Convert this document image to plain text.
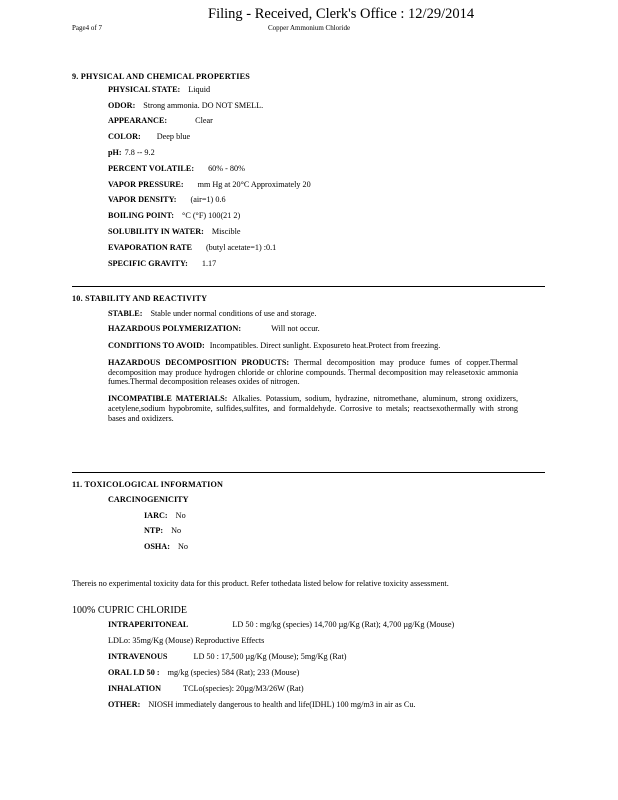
Filing - Received, Clerk's Office : 12/29/2014
Page4 of 7	Copper Ammonium Chloride
9. PHYSICAL AND CHEMICAL PROPERTIES
PHYSICAL STATE: Liquid
ODOR: Strong ammonia. DO NOT SMELL.
APPEARANCE:	Clear
COLOR: Deep blue
pH: 7.8 -- 9.2
PERCENT VOLATILE: 60% - 80%
VAPOR PRESSURE: mm Hg at 20°C Approximately 20
VAPOR DENSITY: (air=1) 0.6
BOILING POINT: °C (°F) 100(21 2)
SOLUBILITY IN WATER: Miscible
EVAPORATION RATE (butyl acetate=1) :0.1
SPECIFIC GRAVITY: 1.17
10. STABILITY AND REACTIVITY
STABLE: Stable under normal conditions of use and storage.
HAZARDOUS POLYMERIZATION:	Will not occur.
CONDITIONS TO AVOID: Incompatibles. Direct sunlight. Exposureto heat.Protect from freezing.
HAZARDOUS DECOMPOSITION PRODUCTS: Thermal decomposition may produce fumes of copper.Thermal decomposition may produce hydrogen chloride or chlorine compounds. Thermal decomposition may releasetoxic ammonia fumes.Thermal decomposition releases oxides of nitrogen.
INCOMPATIBLE MATERIALS: Alkalies. Potassium, sodium, hydrazine, nitromethane, aluminum, strong oxidizers, acetylene,sodium hypobromite, sulfides,sulfites, and formaldehyde. Corrosive to metals; reactsexothermally with strong bases and oxidizers.
11. TOXICOLOGICAL INFORMATION
CARCINOGENICITY
IARC: No
NTP: No
OSHA: No
Thereis no experimental toxicity data for this product. Refer tothedata listed below for relative toxicity assessment.
100% CUPRIC CHLORIDE
INTRAPERITONEAL	LD 50 : mg/kg (species) 14,700 µg/Kg (Rat); 4,700 µg/Kg (Mouse)
LDLo: 35mg/Kg (Mouse) Reproductive Effects
INTRAVENOUS	LD 50 : 17,500 µg/Kg (Mouse); 5mg/Kg (Rat)
ORAL LD 50 : mg/kg (species) 584 (Rat); 233 (Mouse)
INHALATION	TCLo(species): 20µg/M3/26W (Rat)
OTHER: NIOSH immediately dangerous to health and life(IDHL) 100 mg/m3 in air as Cu.
